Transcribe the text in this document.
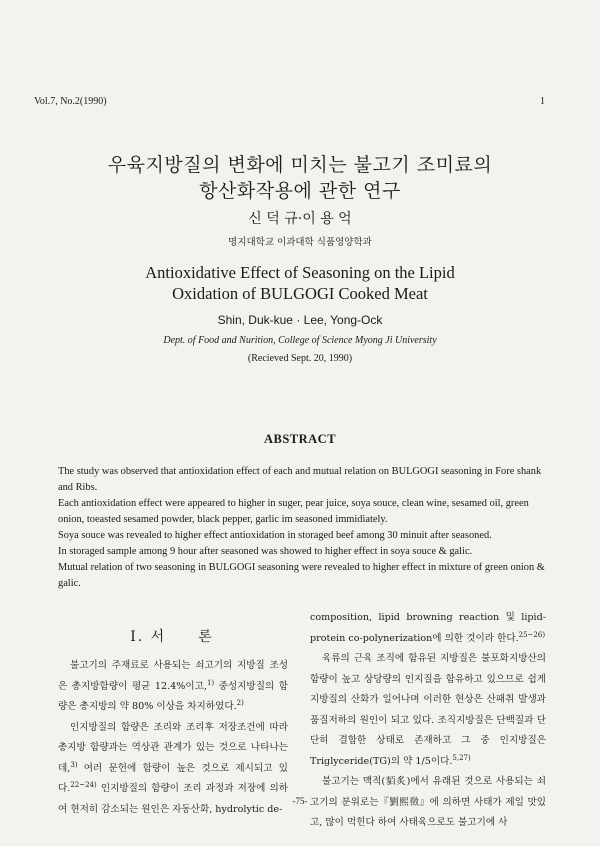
Vol.7, No.2(1990)	1
우육지방질의 변화에 미치는 불고기 조미료의
항산화작용에 관한 연구
신 덕 규·이 용 억
명지대학교 이과대학 식품영양학과
Antioxidative Effect of Seasoning on the Lipid
Oxidation of BULGOGI Cooked Meat
Shin, Duk-kue · Lee, Yong-Ock
Dept. of Food and Nurition, College of Science Myong Ji University
(Recieved Sept. 20, 1990)
ABSTRACT

The study was observed that antioxidation effect of each and mutual relation on BULGOGI seasoning in Fore shank and Ribs.

Each antioxidation effect were appeared to higher in suger, pear juice, soya souce, clean wine, sesamed oil, green onion, toeasted sesamed powder, black pepper, garlic im seasoned immidiately.

Soya souce was revealed to higher effect antioxidation in storaged beef among 30 minuit after seasoned.

In storaged sample among 9 hour after seasoned was showed to higher effect in soya souce & galic.

Mutual relation of two seasoning in BULGOGI seasoning were revealed to higher effect in mixture of green onion & galic.

I. 서　　론

불고기의 주재료로 사용되는 쇠고기의 지방질 조성은 총지방함량이 평균 12.4%이고,$^{1)}$ 중성지방질의 함량은 총지방의 약 80% 이상을 차지하였다.$^{2)}$

인지방질의 함량은 조리와 조리후 저장조건에 따라 총지방 함량과는 역상관 관계가 있는 것으로 나타나는데,$^{3)}$ 여러 문헌에 함량이 높은 것으로 제시되고 있다.$^{22\sim 24)}$ 인지방질의 함량이 조리 과정과 저장에 의하여 현저히 감소되는 원인은 자동산화, hydrolytic de-

composition, lipid browning reaction 및 lipid-protein co-polynerization에 의한 것이라 한다.$^{25\sim 26)}$

육류의 근육 조직에 함유된 지방질은 불포화지방산의 함량이 높고 상당량의 인지질을 함유하고 있으므로 쉽게 지방질의 산화가 일어나며 이러한 현상은 산패취 발생과 품질저하의 원인이 되고 있다. 조직지방질은 단백질과 단단히 결합한 상태로 존재하고 그 중 인지방질은 Triglyceride(TG)의 약 1/5이다.$^{5,27)}$

불고기는 맥적(貊炙)에서 유래된 것으로 사용되는 쇠고기의 분위로는『劉熙徵』에 의하면 사태가 제일 맛있고, 많이 먹힌다 하여 사태육으로도 불고기에 사

-75-
